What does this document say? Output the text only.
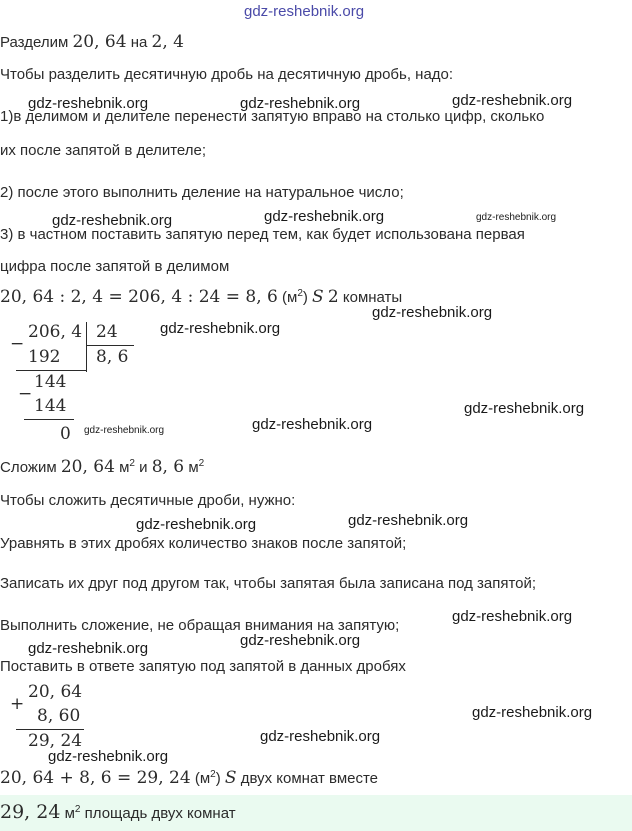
gdz-reshebnik.org
gdz-reshebnik.org	gdz-reshebnik.org	gdz-reshebnik.org
gdz-reshebnik.org	gdz-reshebnik.org	gdz-reshebnik.org
gdz-reshebnik.org
gdz-reshebnik.org
gdz-reshebnik.org
gdz-reshebnik.org	gdz-reshebnik.org
gdz-reshebnik.org	gdz-reshebnik.org
gdz-reshebnik.org
gdz-reshebnik.org
gdz-reshebnik.org
gdz-reshebnik.org
gdz-reshebnik.org
gdz-reshebnik.org
Разделим 20, 64 на 2, 4
Чтобы разделить десятичную дробь на десятичную дробь, надо:
1)в делимом и делителе перенести запятую вправо на столько цифр, сколько
их после запятой в делителе;
2) после этого выполнить деление на натуральное число;
3) в частном поставить запятую перед тем, как будет использована первая
цифра после запятой в делимом
20, 64 : 2, 4 = 206, 4 : 24 = 8, 6 $(м^2)$ S 2 комнаты
−
206, 4 24
192 8, 6
144
−
144
0
Сложим 20, 64 $м^2$ и 8, 6 $м^2$
Чтобы сложить десятичные дроби, нужно:
Уравнять в этих дробях количество знаков после запятой;
Записать их друг под другом так, чтобы запятая была записана под запятой;
Выполнить сложение, не обращая внимания на запятую;
Поставить в ответе запятую под запятой в данных дробях
+
20, 64
8, 60
29, 24
20, 64 + 8, 6 = 29, 24 $(м^2)$ S двух комнат вместе
29, 24 $м^2$ площадь двух комнат
